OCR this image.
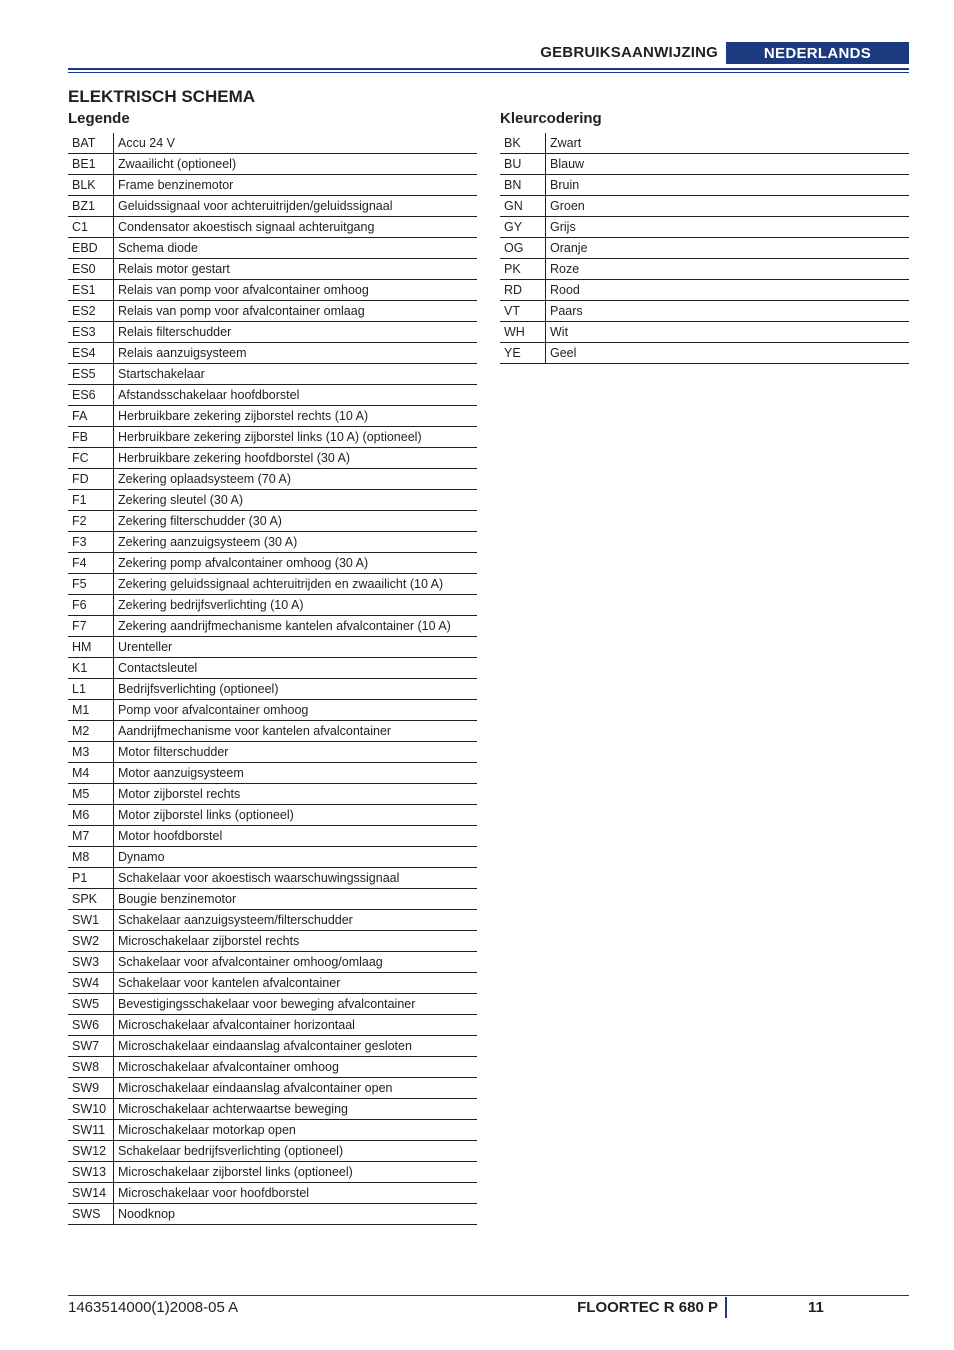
GEBRUIKSAANWIJZING	NEDERLANDS
ELEKTRISCH SCHEMA
Legende	Kleurcodering
BAT	Accu 24 V
BE1	Zwaailicht (optioneel)
BLK	Frame benzinemotor
BZ1	Geluidssignaal voor achteruitrijden/geluidssignaal
C1	Condensator akoestisch signaal achteruitgang
EBD	Schema diode
ES0	Relais motor gestart
ES1	Relais van pomp voor afvalcontainer omhoog
ES2	Relais van pomp voor afvalcontainer omlaag
ES3	Relais filterschudder
ES4	Relais aanzuigsysteem
ES5	Startschakelaar
ES6	Afstandsschakelaar hoofdborstel
FA	Herbruikbare zekering zijborstel rechts (10 A)
FB	Herbruikbare zekering zijborstel links (10 A) (optioneel)
FC	Herbruikbare zekering hoofdborstel (30 A)
FD	Zekering oplaadsysteem (70 A)
F1	Zekering sleutel (30 A)
F2	Zekering filterschudder (30 A)
F3	Zekering aanzuigsysteem (30 A)
F4	Zekering pomp afvalcontainer omhoog (30 A)
F5	Zekering geluidssignaal achteruitrijden en zwaailicht (10 A)
F6	Zekering bedrijfsverlichting (10 A)
F7	Zekering aandrijfmechanisme kantelen afvalcontainer (10 A)
HM	Urenteller
K1	Contactsleutel
L1	Bedrijfsverlichting (optioneel)
M1	Pomp voor afvalcontainer omhoog
M2	Aandrijfmechanisme voor kantelen afvalcontainer
M3	Motor filterschudder
M4	Motor aanzuigsysteem
M5	Motor zijborstel rechts
M6	Motor zijborstel links (optioneel)
M7	Motor hoofdborstel
M8	Dynamo
P1	Schakelaar voor akoestisch waarschuwingssignaal
SPK	Bougie benzinemotor
SW1	Schakelaar aanzuigsysteem/filterschudder
SW2	Microschakelaar zijborstel rechts
SW3	Schakelaar voor afvalcontainer omhoog/omlaag
SW4	Schakelaar voor kantelen afvalcontainer
SW5	Bevestigingsschakelaar voor beweging afvalcontainer
SW6	Microschakelaar afvalcontainer horizontaal
SW7	Microschakelaar eindaanslag afvalcontainer gesloten
SW8	Microschakelaar afvalcontainer omhoog
SW9	Microschakelaar eindaanslag afvalcontainer open
SW10	Microschakelaar achterwaartse beweging
SW11	Microschakelaar motorkap open
SW12	Schakelaar bedrijfsverlichting (optioneel)
SW13	Microschakelaar zijborstel links (optioneel)
SW14	Microschakelaar voor hoofdborstel
SWS	Noodknop
BK	Zwart
BU	Blauw
BN	Bruin
GN	Groen
GY	Grijs
OG	Oranje
PK	Roze
RD	Rood
VT	Paars
WH	Wit
YE	Geel
1463514000(1)2008-05 A	FLOORTEC R 680 P	11
